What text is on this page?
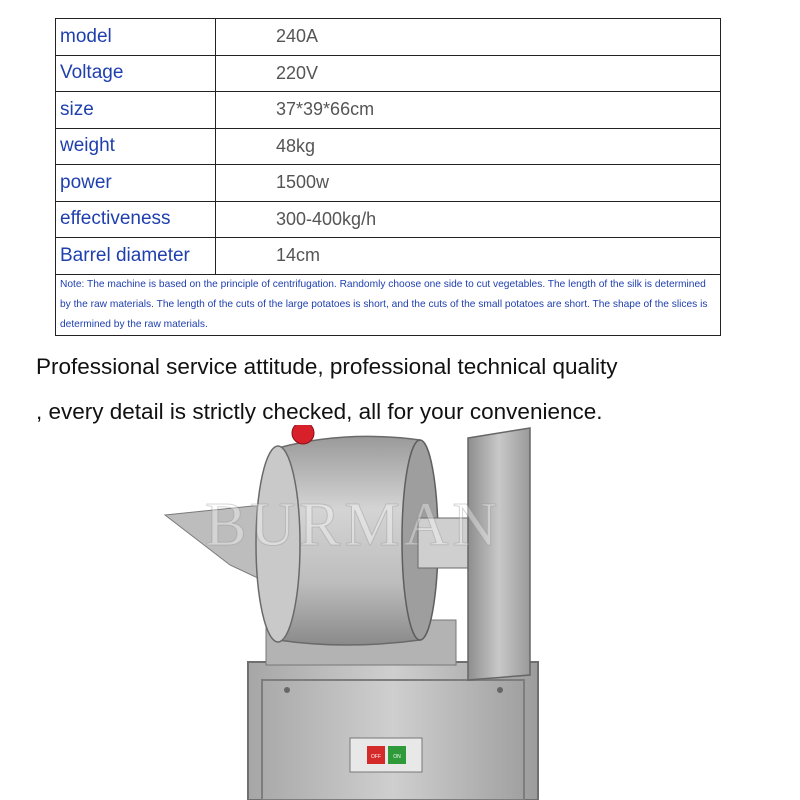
model	240A
Voltage	220V
size	37*39*66cm
weight	48kg
power	1500w
effectiveness	300-400kg/h
Barrel diameter	14cm
Note: The machine is based on the principle of centrifugation. Randomly choose one side to cut vegetables. The length of the silk is determined by the raw materials. The length of the cuts of the large potatoes is short, and the cuts of the small potatoes are short. The shape of the slices is determined by the raw materials.	
Professional service attitude, professional technical quality
, every detail is strictly checked, all for your convenience.
BURMAN
OFF ON
